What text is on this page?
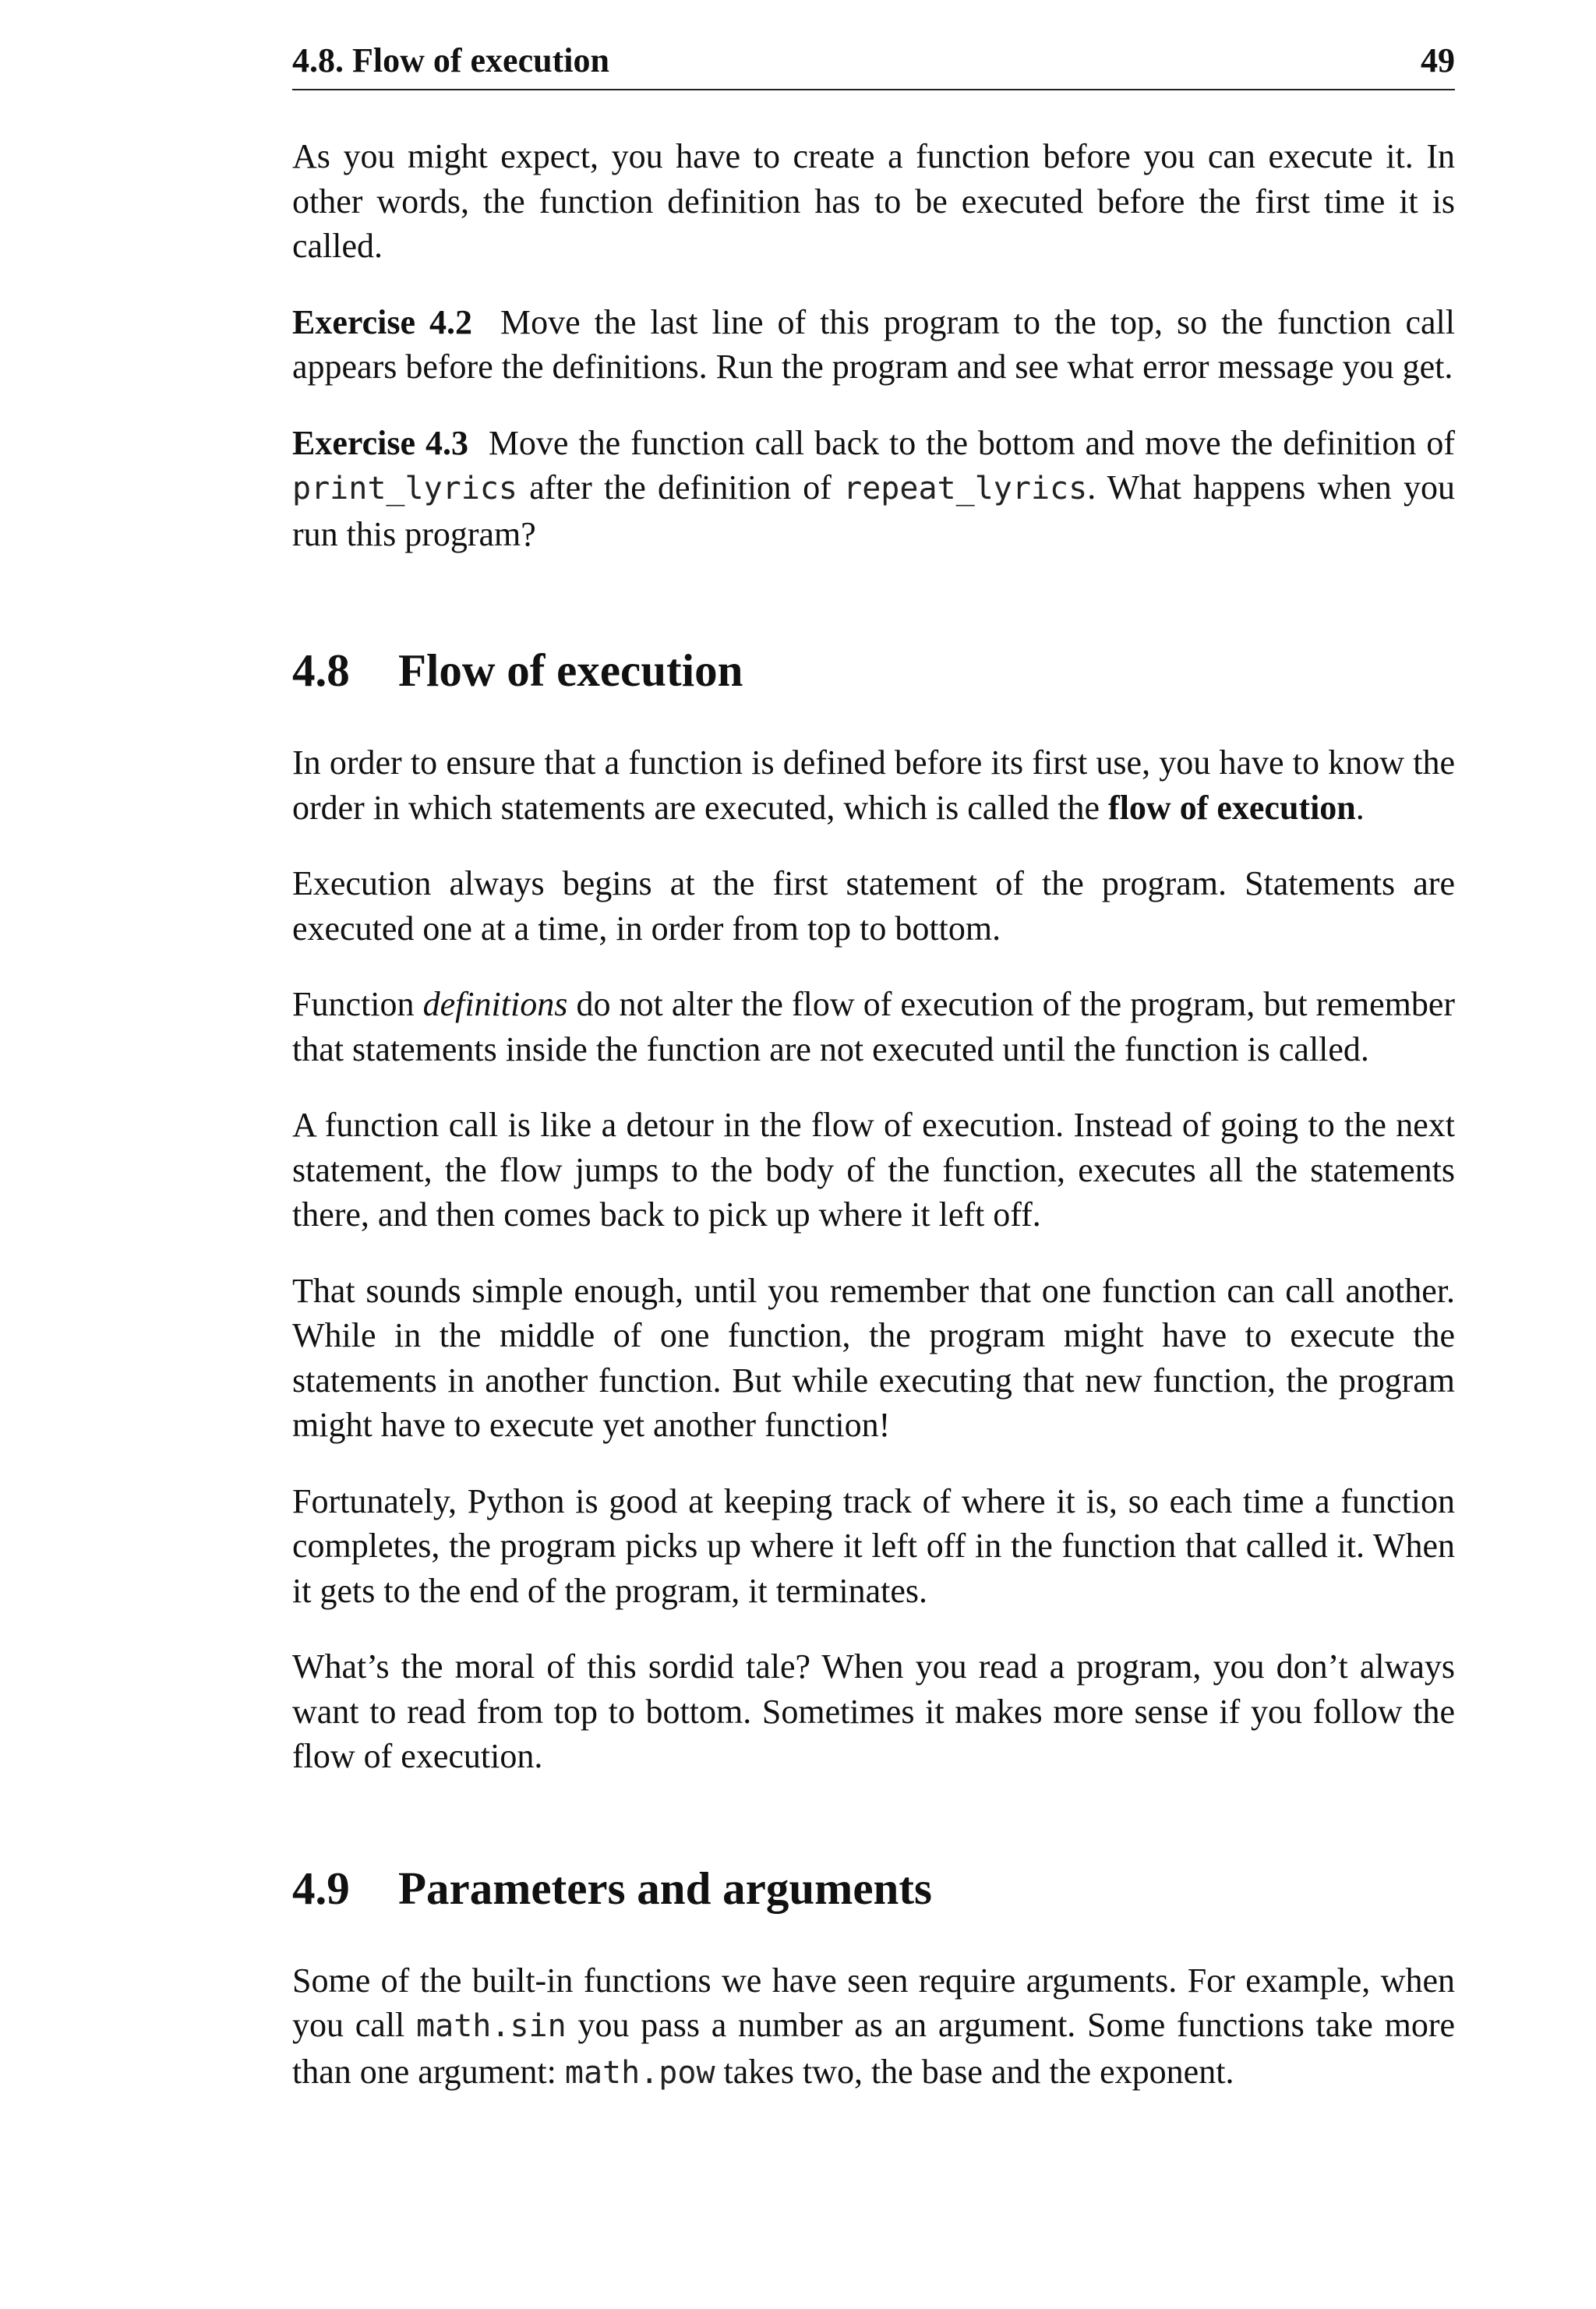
4.8. Flow of execution	49

As you might expect, you have to create a function before you can execute it. In other words, the function definition has to be executed before the first time it is called.

Exercise 4.2 Move the last line of this program to the top, so the function call appears before the definitions. Run the program and see what error message you get.

Exercise 4.3 Move the function call back to the bottom and move the definition of print_lyrics after the definition of repeat_lyrics. What happens when you run this program?

4.8 Flow of execution

In order to ensure that a function is defined before its first use, you have to know the order in which statements are executed, which is called the flow of execution.

Execution always begins at the first statement of the program. Statements are executed one at a time, in order from top to bottom.

Function definitions do not alter the flow of execution of the program, but remember that statements inside the function are not executed until the function is called.

A function call is like a detour in the flow of execution. Instead of going to the next statement, the flow jumps to the body of the function, executes all the statements there, and then comes back to pick up where it left off.

That sounds simple enough, until you remember that one function can call another. While in the middle of one function, the program might have to execute the statements in another function. But while executing that new function, the program might have to execute yet another function!

Fortunately, Python is good at keeping track of where it is, so each time a function completes, the program picks up where it left off in the function that called it. When it gets to the end of the program, it terminates.

What’s the moral of this sordid tale? When you read a program, you don’t always want to read from top to bottom. Sometimes it makes more sense if you follow the flow of execution.

4.9 Parameters and arguments

Some of the built-in functions we have seen require arguments. For example, when you call math.sin you pass a number as an argument. Some functions take more than one argument: math.pow takes two, the base and the exponent.
